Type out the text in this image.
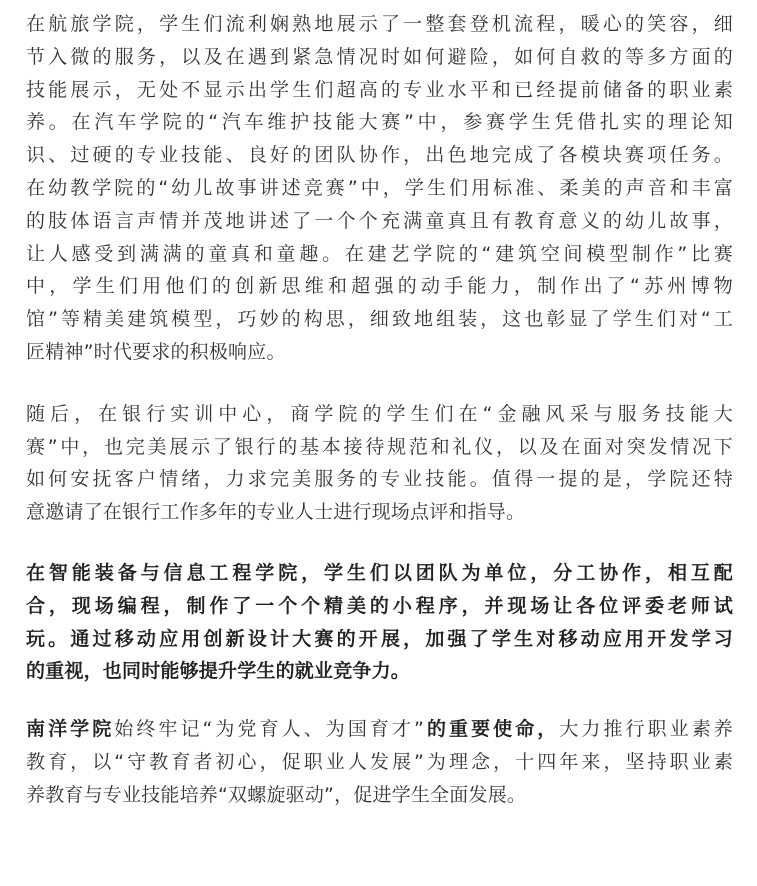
在航旅学院，学生们流利娴熟地展示了一整套登机流程，暖心的笑容，细
节入微的服务，以及在遇到紧急情况时如何避险，如何自救的等多方面的
技能展示，无处不显示出学生们超高的专业水平和已经提前储备的职业素
养。在汽车学院的“汽车维护技能大赛”中，参赛学生凭借扎实的理论知
识、过硬的专业技能、良好的团队协作，出色地完成了各模块赛项任务。
在幼教学院的“幼儿故事讲述竞赛”中，学生们用标准、柔美的声音和丰富
的肢体语言声情并茂地讲述了一个个充满童真且有教育意义的幼儿故事，
让人感受到满满的童真和童趣。在建艺学院的“建筑空间模型制作”比赛
中，学生们用他们的创新思维和超强的动手能力，制作出了“苏州博物
馆”等精美建筑模型，巧妙的构思，细致地组装，这也彰显了学生们对“工
匠精神”时代要求的积极响应。

随后，在银行实训中心，商学院的学生们在“金融风采与服务技能大
赛”中，也完美展示了银行的基本接待规范和礼仪，以及在面对突发情况下
如何安抚客户情绪，力求完美服务的专业技能。值得一提的是，学院还特
意邀请了在银行工作多年的专业人士进行现场点评和指导。

在智能装备与信息工程学院，学生们以团队为单位，分工协作，相互配
合，现场编程，制作了一个个精美的小程序，并现场让各位评委老师试
玩。通过移动应用创新设计大赛的开展，加强了学生对移动应用开发学习
的重视，也同时能够提升学生的就业竞争力。

南洋学院始终牢记“为党育人、为国育才”的重要使命，大力推行职业素养
教育，以“守教育者初心，促职业人发展”为理念，十四年来，坚持职业素
养教育与专业技能培养“双螺旋驱动”，促进学生全面发展。
